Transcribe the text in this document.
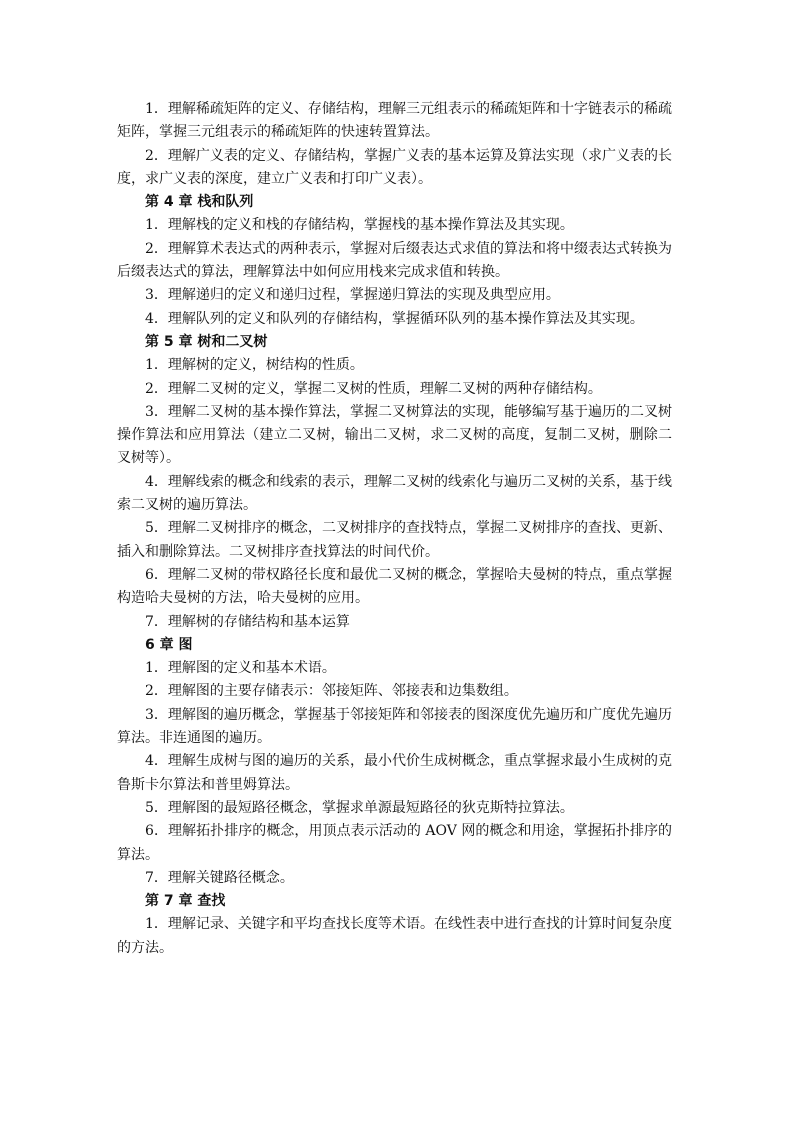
1．理解稀疏矩阵的定义、存储结构，理解三元组表示的稀疏矩阵和十字链表示的稀疏矩阵，掌握三元组表示的稀疏矩阵的快速转置算法。

2．理解广义表的定义、存储结构，掌握广义表的基本运算及算法实现（求广义表的长度，求广义表的深度，建立广义表和打印广义表）。

第 4 章 栈和队列

1．理解栈的定义和栈的存储结构，掌握栈的基本操作算法及其实现。

2．理解算术表达式的两种表示，掌握对后缀表达式求值的算法和将中缀表达式转换为后缀表达式的算法，理解算法中如何应用栈来完成求值和转换。

3．理解递归的定义和递归过程，掌握递归算法的实现及典型应用。

4．理解队列的定义和队列的存储结构，掌握循环队列的基本操作算法及其实现。

第 5 章 树和二叉树

1．理解树的定义，树结构的性质。

2．理解二叉树的定义，掌握二叉树的性质，理解二叉树的两种存储结构。

3．理解二叉树的基本操作算法，掌握二叉树算法的实现，能够编写基于遍历的二叉树操作算法和应用算法（建立二叉树，输出二叉树，求二叉树的高度，复制二叉树，删除二叉树等）。

4．理解线索的概念和线索的表示，理解二叉树的线索化与遍历二叉树的关系，基于线索二叉树的遍历算法。

5．理解二叉树排序的概念，二叉树排序的查找特点，掌握二叉树排序的查找、更新、插入和删除算法。二叉树排序查找算法的时间代价。

6．理解二叉树的带权路径长度和最优二叉树的概念，掌握哈夫曼树的特点，重点掌握构造哈夫曼树的方法，哈夫曼树的应用。

7．理解树的存储结构和基本运算

6 章 图

1．理解图的定义和基本术语。

2．理解图的主要存储表示：邻接矩阵、邻接表和边集数组。

3．理解图的遍历概念，掌握基于邻接矩阵和邻接表的图深度优先遍历和广度优先遍历算法。非连通图的遍历。

4．理解生成树与图的遍历的关系，最小代价生成树概念，重点掌握求最小生成树的克鲁斯卡尔算法和普里姆算法。

5．理解图的最短路径概念，掌握求单源最短路径的狄克斯特拉算法。

6．理解拓扑排序的概念，用顶点表示活动的 AOV 网的概念和用途，掌握拓扑排序的算法。

7．理解关键路径概念。

第 7 章 查找

1．理解记录、关键字和平均查找长度等术语。在线性表中进行查找的计算时间复杂度的方法。
